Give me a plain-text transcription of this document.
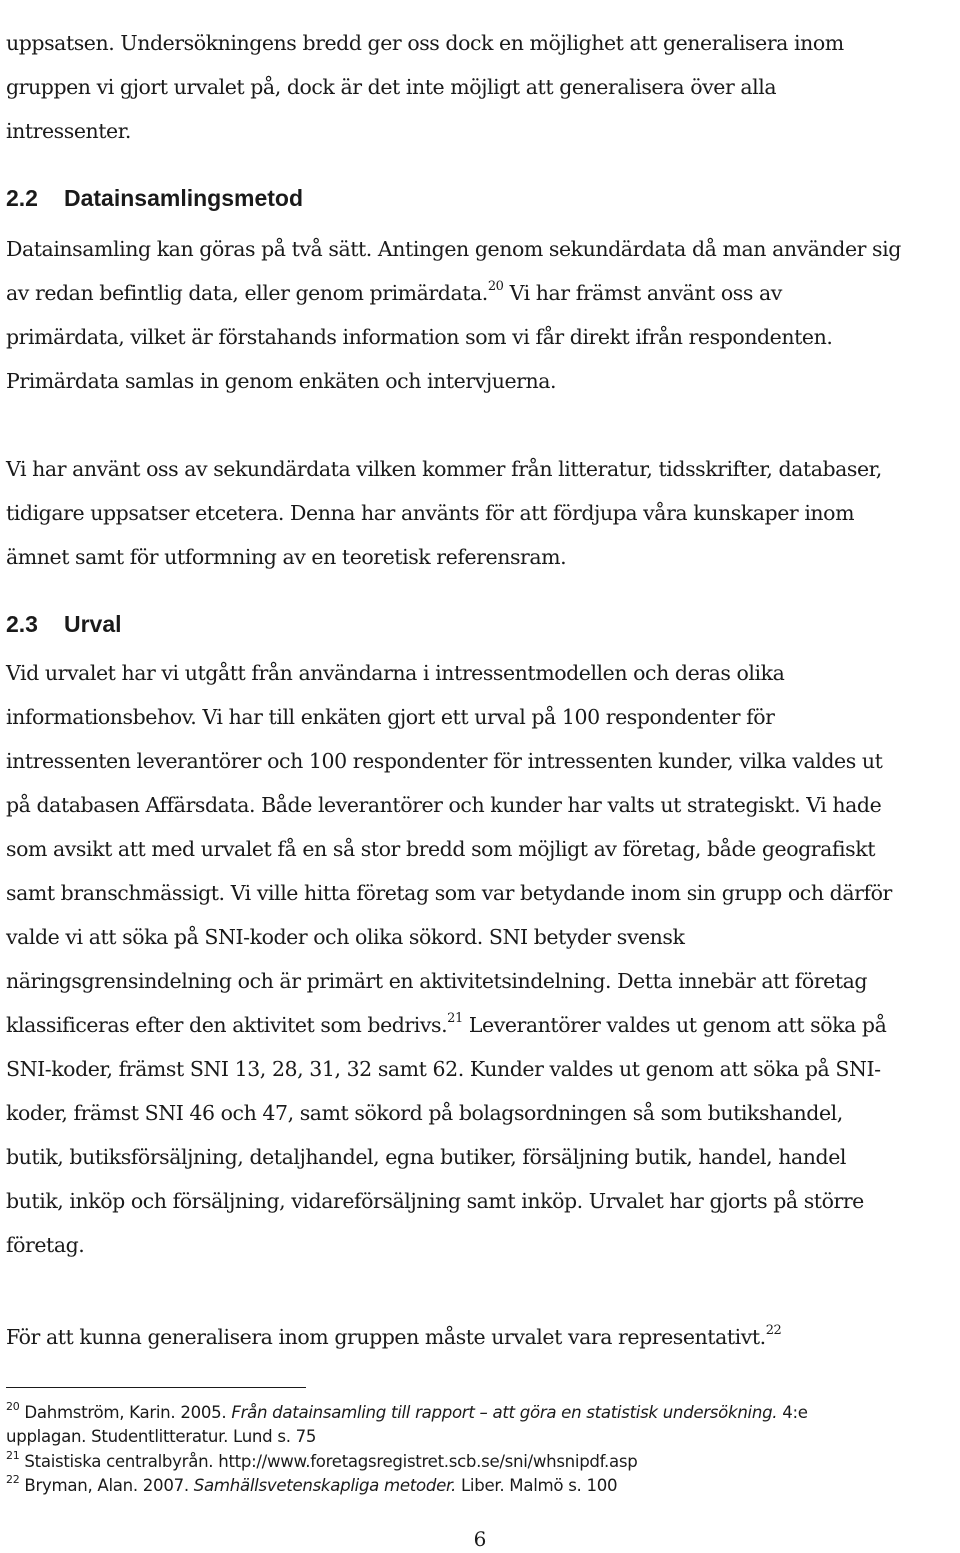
uppsatsen. Undersökningens bredd ger oss dock en möjlighet att generalisera inom
gruppen vi gjort urvalet på, dock är det inte möjligt att generalisera över alla
intressenter.
2.2 Datainsamlingsmetod
Datainsamling kan göras på två sätt. Antingen genom sekundärdata då man använder sig
av redan befintlig data, eller genom primärdata.$^{20}$ Vi har främst använt oss av
primärdata, vilket är förstahands information som vi får direkt ifrån respondenten.
Primärdata samlas in genom enkäten och intervjuerna.
Vi har använt oss av sekundärdata vilken kommer från litteratur, tidsskrifter, databaser,
tidigare uppsatser etcetera. Denna har använts för att fördjupa våra kunskaper inom
ämnet samt för utformning av en teoretisk referensram.
2.3 Urval
Vid urvalet har vi utgått från användarna i intressentmodellen och deras olika
informationsbehov. Vi har till enkäten gjort ett urval på 100 respondenter för
intressenten leverantörer och 100 respondenter för intressenten kunder, vilka valdes ut
på databasen Affärsdata. Både leverantörer och kunder har valts ut strategiskt. Vi hade
som avsikt att med urvalet få en så stor bredd som möjligt av företag, både geografiskt
samt branschmässigt. Vi ville hitta företag som var betydande inom sin grupp och därför
valde vi att söka på SNI-koder och olika sökord. SNI betyder svensk
näringsgrensindelning och är primärt en aktivitetsindelning. Detta innebär att företag
klassificeras efter den aktivitet som bedrivs.$^{21}$ Leverantörer valdes ut genom att söka på
SNI-koder, främst SNI 13, 28, 31, 32 samt 62. Kunder valdes ut genom att söka på SNI-
koder, främst SNI 46 och 47, samt sökord på bolagsordningen så som butikshandel,
butik, butiksförsäljning, detaljhandel, egna butiker, försäljning butik, handel, handel
butik, inköp och försäljning, vidareförsäljning samt inköp. Urvalet har gjorts på större
företag.
För att kunna generalisera inom gruppen måste urvalet vara representativt.$^{22}$
$^{20}$ Dahmström, Karin. 2005. Från datainsamling till rapport – att göra en statistisk undersökning. 4:e
upplagan. Studentlitteratur. Lund s. 75
$^{21}$ Staistiska centralbyrån. http://www.foretagsregistret.scb.se/sni/whsnipdf.asp
$^{22}$ Bryman, Alan. 2007. Samhällsvetenskapliga metoder. Liber. Malmö s. 100
6
